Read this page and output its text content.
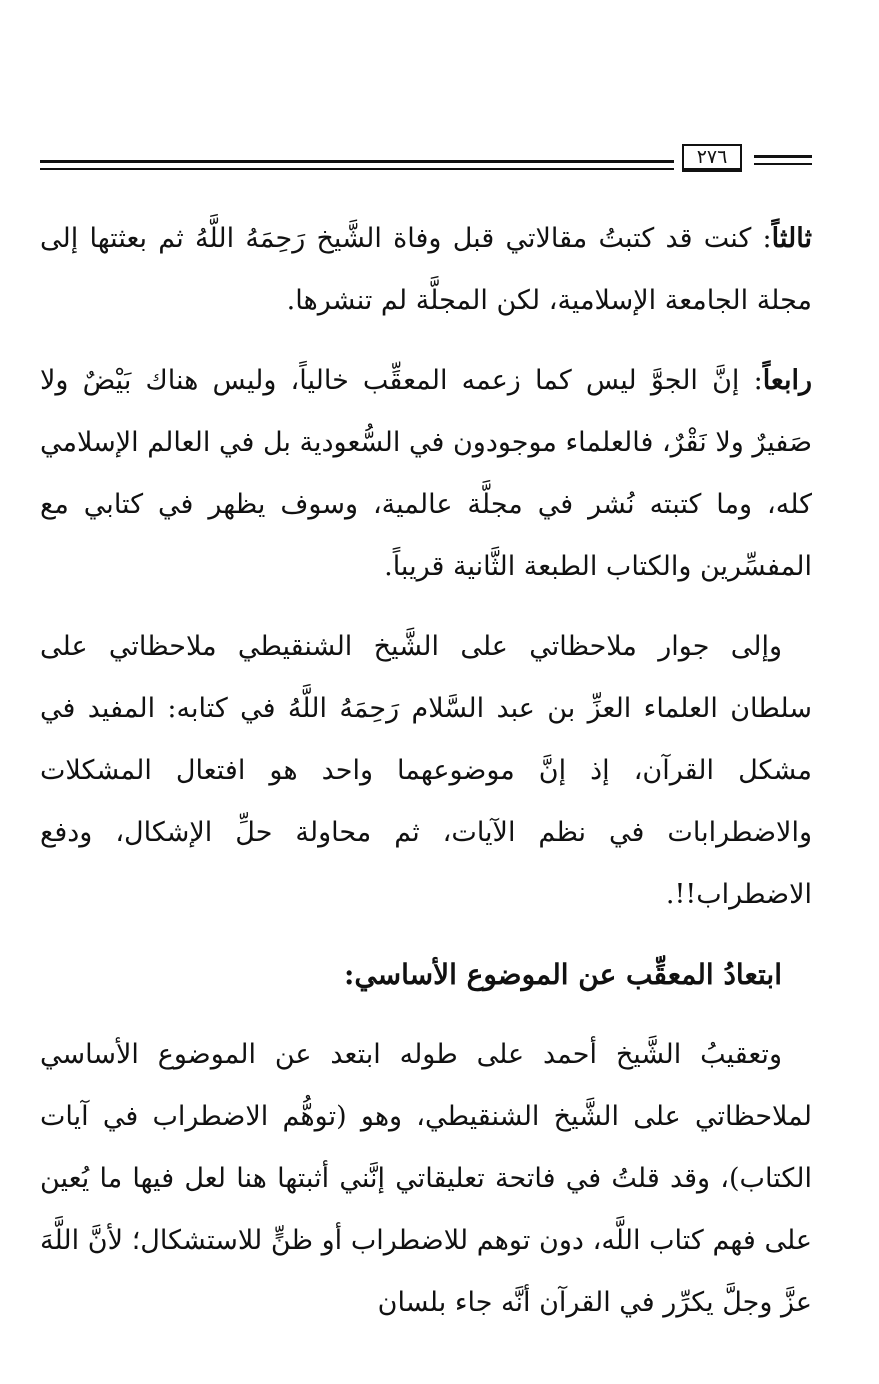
٢٧٦

ثالثاً: كنت قد كتبتُ مقالاتي قبل وفاة الشَّيخ رَحِمَهُ اللَّهُ ثم بعثتها إلى مجلة الجامعة الإسلامية، لكن المجلَّة لم تنشرها.

رابعاً: إنَّ الجوَّ ليس كما زعمه المعقِّب خالياً، وليس هناك بَيْضٌ ولا صَفيرٌ ولا نَقْرٌ، فالعلماء موجودون في السُّعودية بل في العالم الإسلامي كله، وما كتبته نُشر في مجلَّة عالمية، وسوف يظهر في كتابي مع المفسِّرين والكتاب الطبعة الثَّانية قريباً.

وإلى جوار ملاحظاتي على الشَّيخ الشنقيطي ملاحظاتي على سلطان العلماء العزِّ بن عبد السَّلام رَحِمَهُ اللَّهُ في كتابه: المفيد في مشكل القرآن، إذ إنَّ موضوعهما واحد هو افتعال المشكلات والاضطرابات في نظم الآيات، ثم محاولة حلِّ الإشكال، ودفع الاضطراب!!.

ابتعادُ المعقِّب عن الموضوع الأساسي:

وتعقيبُ الشَّيخ أحمد على طوله ابتعد عن الموضوع الأساسي لملاحظاتي على الشَّيخ الشنقيطي، وهو (توهُّم الاضطراب في آيات الكتاب)، وقد قلتُ في فاتحة تعليقاتي إنَّني أثبتها هنا لعل فيها ما يُعين على فهم كتاب اللَّه، دون توهم للاضطراب أو ظنٍّ للاستشكال؛ لأنَّ اللَّهَ عزَّ وجلَّ يكرِّر في القرآن أنَّه جاء بلسان
